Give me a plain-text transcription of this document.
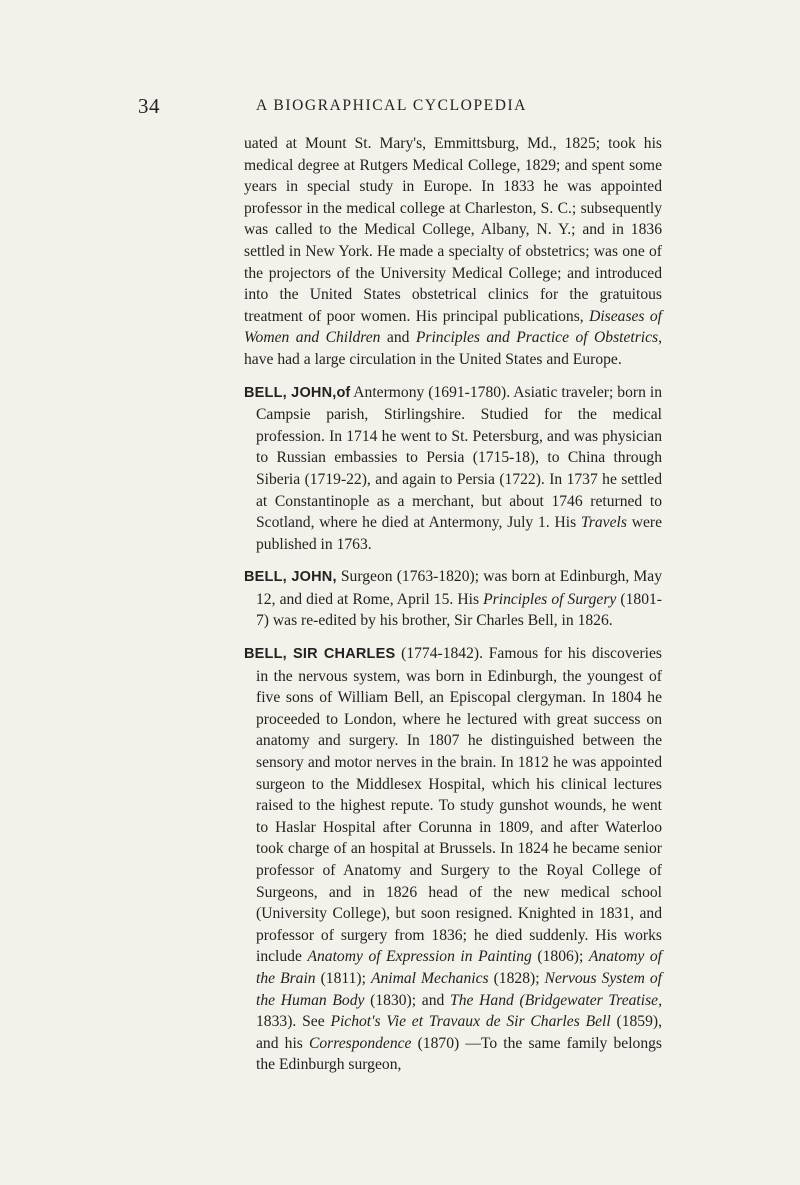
34	A BIOGRAPHICAL CYCLOPEDIA

uated at Mount St. Mary's, Emmittsburg, Md., 1825; took his medical degree at Rutgers Medical College, 1829; and spent some years in special study in Europe. In 1833 he was appointed professor in the medical college at Charleston, S. C.; subsequently was called to the Medical College, Albany, N. Y.; and in 1836 settled in New York. He made a specialty of obstetrics; was one of the projectors of the University Medical College; and introduced into the United States obstetrical clinics for the gratuitous treatment of poor women. His principal publications, Diseases of Women and Children and Principles and Practice of Obstetrics, have had a large circulation in the United States and Europe.

BELL, JOHN,of Antermony (1691-1780). Asiatic traveler; born in Campsie parish, Stirlingshire. Studied for the medical profession. In 1714 he went to St. Petersburg, and was physician to Russian embassies to Persia (1715-18), to China through Siberia (1719-22), and again to Persia (1722). In 1737 he settled at Constantinople as a merchant, but about 1746 returned to Scotland, where he died at Antermony, July 1. His Travels were published in 1763.

BELL, JOHN, Surgeon (1763-1820); was born at Edinburgh, May 12, and died at Rome, April 15. His Principles of Surgery (1801-7) was re-edited by his brother, Sir Charles Bell, in 1826.

BELL, SIR CHARLES (1774-1842). Famous for his discoveries in the nervous system, was born in Edinburgh, the youngest of five sons of William Bell, an Episcopal clergyman. In 1804 he proceeded to London, where he lectured with great success on anatomy and surgery. In 1807 he distinguished between the sensory and motor nerves in the brain. In 1812 he was appointed surgeon to the Middlesex Hospital, which his clinical lectures raised to the highest repute. To study gunshot wounds, he went to Haslar Hospital after Corunna in 1809, and after Waterloo took charge of an hospital at Brussels. In 1824 he became senior professor of Anatomy and Surgery to the Royal College of Surgeons, and in 1826 head of the new medical school (University College), but soon resigned. Knighted in 1831, and professor of surgery from 1836; he died suddenly. His works include Anatomy of Expression in Painting (1806); Anatomy of the Brain (1811); Animal Mechanics (1828); Nervous System of the Human Body (1830); and The Hand (Bridgewater Treatise, 1833). See Pichot's Vie et Travaux de Sir Charles Bell (1859), and his Correspondence (1870) —To the same family belongs the Edinburgh surgeon,
